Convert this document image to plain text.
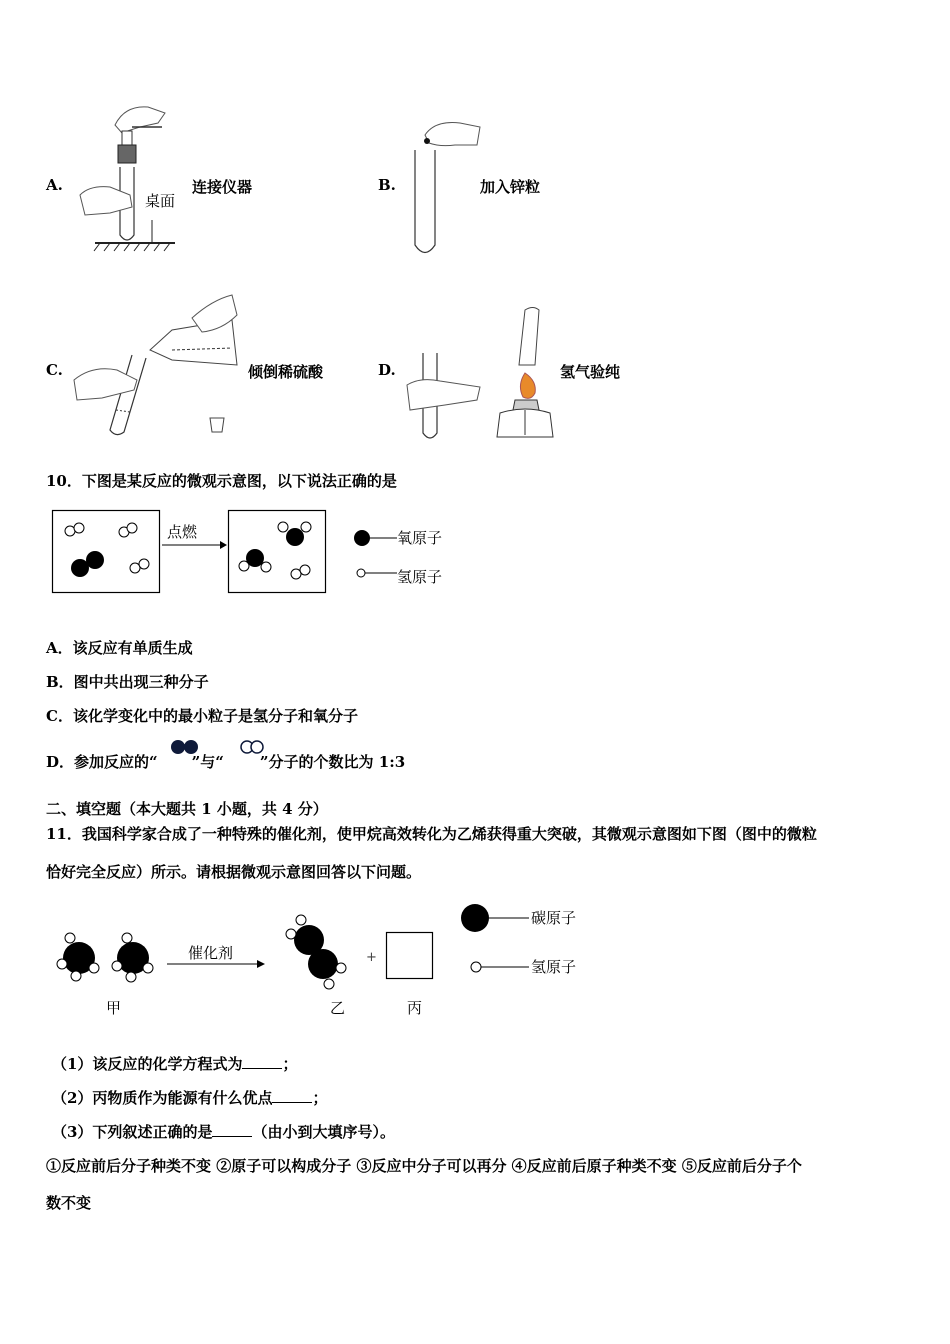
A.	连接仪器
桌面
B.	加入锌粒
C.	倾倒稀硫酸	D.	氢气验纯
10．下图是某反应的微观示意图，以下说法正确的是
点燃	氧原子
氢原子
A．该反应有单质生成
B．图中共出现三种分子
C．该化学变化中的最小粒子是氢分子和氧分子
D．参加反应的“ ”与“ ”分子的个数比为 1:3
二、填空题（本大题共 1 小题，共 4 分）
11．我国科学家合成了一种特殊的催化剂，使甲烷高效转化为乙烯获得重大突破，其微观示意图如下图（图中的微粒
恰好完全反应）所示。请根据微观示意图回答以下问题。
催化剂	+
甲	乙	丙
碳原子
氢原子
（1）该反应的化学方程式为	；
（2）丙物质作为能源有什么优点	；
（3）下列叙述正确的是	（由小到大填序号）。
①反应前后分子种类不变 ②原子可以构成分子 ③反应中分子可以再分 ④反应前后原子种类不变 ⑤反应前后分子个
数不变
